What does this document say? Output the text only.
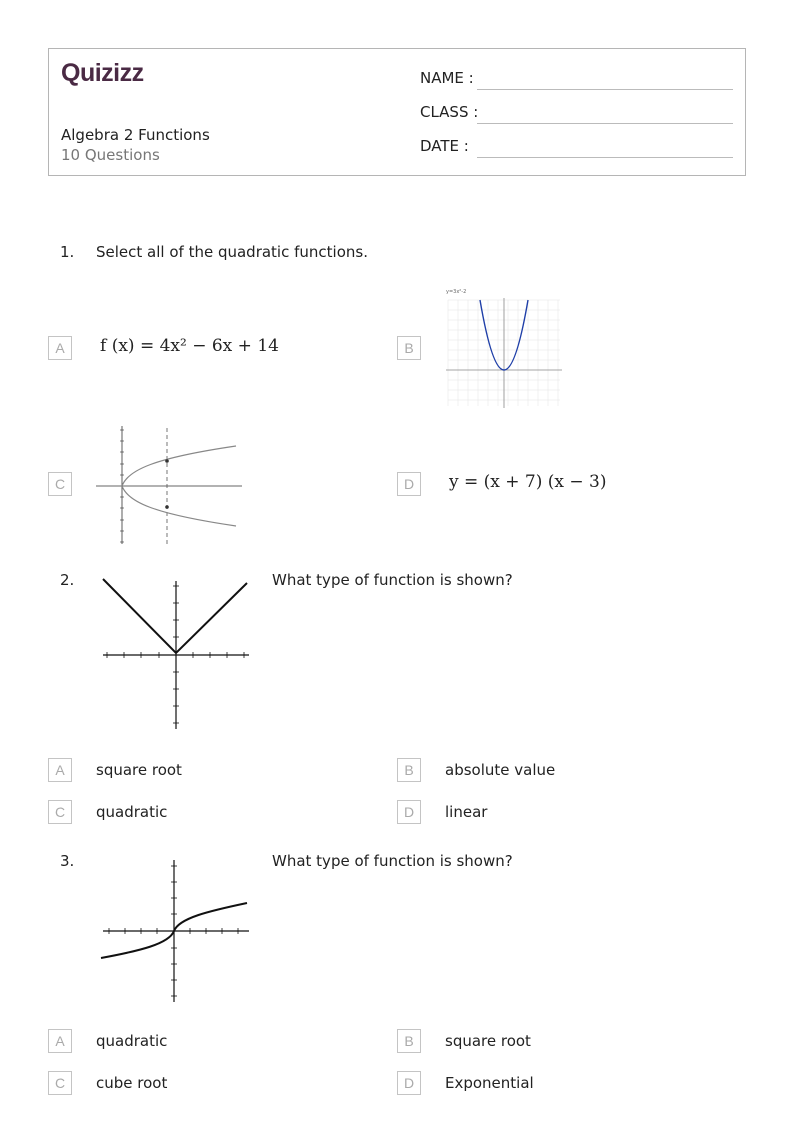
Quizizz
Algebra 2 Functions
10 Questions
NAME :
CLASS :
DATE :
1. Select all of the quadratic functions.
A	f (x) = 4x² − 6x + 14	B
y=3x²-2
C	D	y = (x + 7) (x − 3)
2.	What type of function is shown?
A	square root	B	absolute value
C	quadratic	D	linear
3.	What type of function is shown?
A	quadratic	B	square root
C	cube root	D	Exponential
